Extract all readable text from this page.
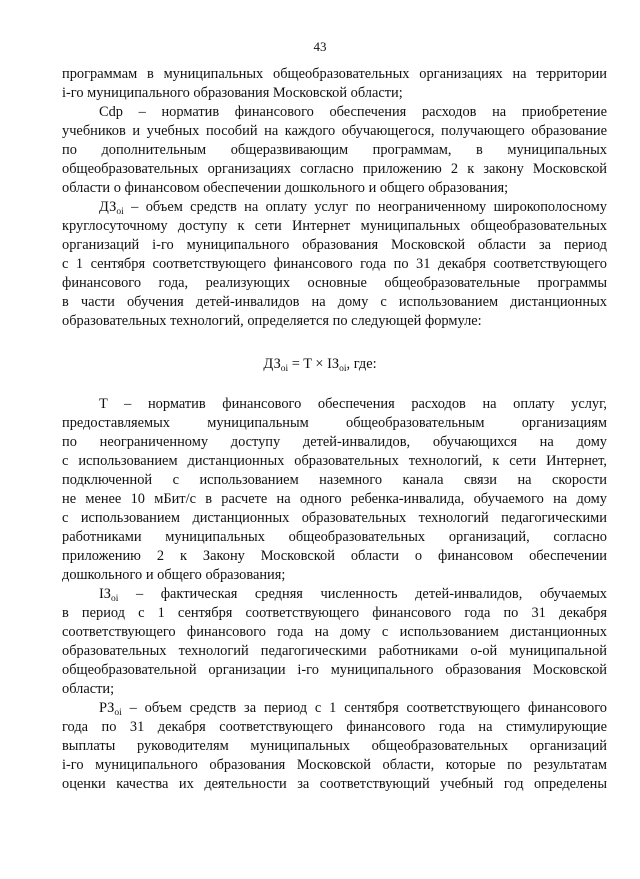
43
программам в муниципальных общеобразовательных организациях на территории
i-го муниципального образования Московской области;
Cdp – норматив финансового обеспечения расходов на приобретение
учебников и учебных пособий на каждого обучающегося, получающего образование
по дополнительным общеразвивающим программам, в муниципальных
общеобразовательных организациях согласно приложению 2 к закону Московской
области о финансовом обеспечении дошкольного и общего образования;
$ДЗ_{oi}$ – объем средств на оплату услуг по неограниченному широкополосному
круглосуточному доступу к сети Интернет муниципальных общеобразовательных
организаций i-го муниципального образования Московской области за период
с 1 сентября соответствующего финансового года по 31 декабря соответствующего
финансового года, реализующих основные общеобразовательные программы
в части обучения детей-инвалидов на дому с использованием дистанционных
образовательных технологий, определяется по следующей формуле:
$ДЗ_{oi} = T \times IЗ_{oi}$, где:
T – норматив финансового обеспечения расходов на оплату услуг,
предоставляемых муниципальным общеобразовательным организациям
по неограниченному доступу детей-инвалидов, обучающихся на дому
с использованием дистанционных образовательных технологий, к сети Интернет,
подключенной с использованием наземного канала связи на скорости
не менее 10 мБит/с в расчете на одного ребенка-инвалида, обучаемого на дому
с использованием дистанционных образовательных технологий педагогическими
работниками муниципальных общеобразовательных организаций, согласно
приложению 2 к Закону Московской области о финансовом обеспечении
дошкольного и общего образования;
$IЗ_{oi}$ – фактическая средняя численность детей-инвалидов, обучаемых
в период с 1 сентября соответствующего финансового года по 31 декабря
соответствующего финансового года на дому с использованием дистанционных
образовательных технологий педагогическими работниками о-ой муниципальной
общеобразовательной организации i-го муниципального образования Московской
области;
$РЗ_{oi}$ – объем средств за период с 1 сентября соответствующего финансового
года по 31 декабря соответствующего финансового года на стимулирующие
выплаты руководителям муниципальных общеобразовательных организаций
i-го муниципального образования Московской области, которые по результатам
оценки качества их деятельности за соответствующий учебный год определены
